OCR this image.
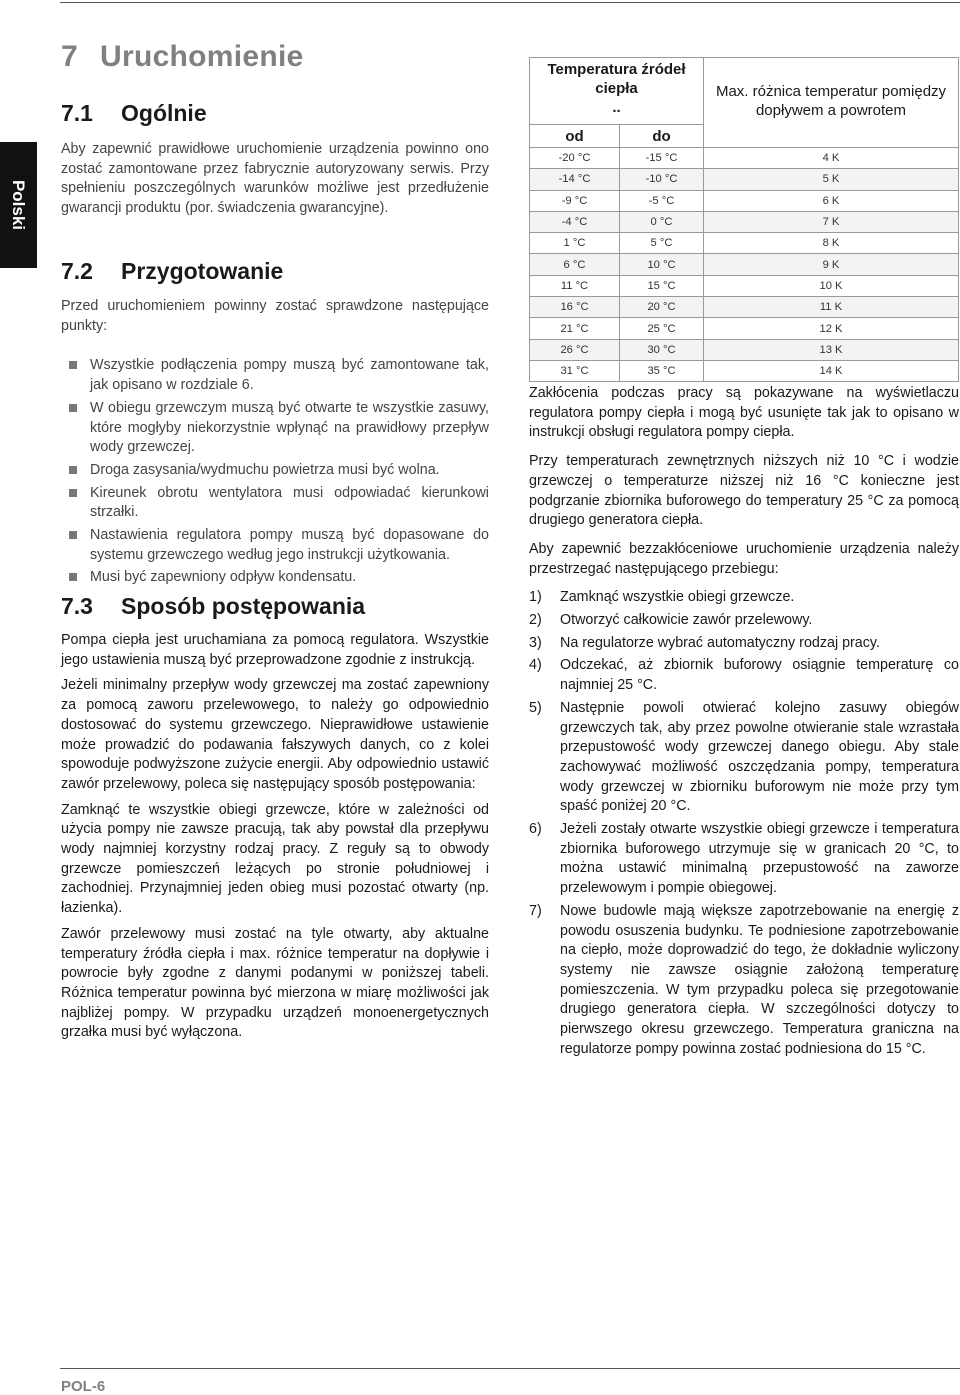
Polski
7 Uruchomienie
7.1 Ogólnie

Aby zapewnić prawidłowe uruchomienie urządzenia powinno ono zostać zamontowane przez fabrycznie autoryzowany serwis. Przy spełnieniu poszczególnych warunków możliwe jest przedłużenie gwarancji produktu (por. świadczenia gwarancyjne).

7.2 Przygotowanie

Przed uruchomieniem powinny zostać sprawdzone następujące punkty:

Wszystkie podłączenia pompy muszą być zamontowane tak, jak opisano w rozdziale 6.
W obiegu grzewczym muszą być otwarte te wszystkie zasuwy, które mogłyby niekorzystnie wpłynąć na prawidłowy przepływ wody grzewczej.
Droga zasysania/wydmuchu powietrza musi być wolna.
Kireunek obrotu wentylatora musi odpowiadać kierunkowi strzałki.
Nastawienia regulatora pompy muszą być dopasowane do systemu grzewczego według jego instrukcji użytkowania.
Musi być zapewniony odpływ kondensatu.
7.3 Sposób postępowania

Pompa ciepła jest uruchamiana za pomocą regulatora. Wszystkie jego ustawienia muszą być przeprowadzone zgodnie z instrukcją.

Jeżeli minimalny przepływ wody grzewczej ma zostać zapewniony za pomocą zaworu przelewowego, to należy go odpowiednio dostosować do systemu grzewczego. Nieprawidłowe ustawienie może prowadzić do podawania fałszywych danych, co z kolei spowoduje podwyższone zużycie energii. Aby odpowiednio ustawić zawór przelewowy, poleca się następujący sposób postępowania:

Zamknąć te wszystkie obiegi grzewcze, które w zależności od użycia pompy nie zawsze pracują, tak aby powstał dla przepływu wody najmniej korzystny rodzaj pracy. Z reguły są to obwody grzewcze pomieszczeń leżących po stronie południowej i zachodniej. Przynajmniej jeden obieg musi pozostać otwarty (np. łazienka).

Zawór przelewowy musi zostać na tyle otwarty, aby aktualne temperatury źródła ciepła i max. różnice temperatur na dopływie i powrocie były zgodne z danymi podanymi w poniższej tabeli. Różnica temperatur powinna być mierzona w miarę możliwości jak najbliżej pompy. W przypadku urządzeń monoenergetycznych grzałka musi być wyłączona.

Temperatura źródeł ciepła
..		Max. różnica temperatur pomiędzy dopływem a powrotem
od	do	
-20 °C	-15 °C	4 K
-14 °C	-10 °C	5 K
-9 °C	-5 °C	6 K
-4 °C	0 °C	7 K
1 °C	5 °C	8 K
6 °C	10 °C	9 K
11 °C	15 °C	10 K
16 °C	20 °C	11 K
21 °C	25 °C	12 K
26 °C	30 °C	13 K
31 °C	35 °C	14 K

Zakłócenia podczas pracy są pokazywane na wyświetlaczu regulatora pompy ciepła i mogą być usunięte tak jak to opisano w instrukcji obsługi regulatora pompy ciepła.

Przy temperaturach zewnętrznych niższych niż 10 °C i wodzie grzewczej o temperaturze niższej niż 16 °C konieczne jest podgrzanie zbiornika buforowego do temperatury 25 °C za pomocą drugiego generatora ciepła.

Aby zapewnić bezzakłóceniowe uruchomienie urządzenia należy przestrzegać następującego przebiegu:

1) Zamknąć wszystkie obiegi grzewcze.
2) Otworzyć całkowicie zawór przelewowy.
3) Na regulatorze wybrać automatyczny rodzaj pracy.
4) Odczekać, aż zbiornik buforowy osiągnie temperaturę co najmniej 25 °C.
5) Następnie powoli otwierać kolejno zasuwy obiegów grzewczych tak, aby przez powolne otwieranie stale wzrastała przepustowość wody grzewczej danego obiegu. Aby stale zachowywać możliwość oszczędzania pompy, temperatura wody grzewczej w zbiorniku buforowym nie może przy tym spaść poniżej 20 °C.
6) Jeżeli zostały otwarte wszystkie obiegi grzewcze i temperatura zbiornika buforowego utrzymuje się w granicach 20 °C, to można ustawić minimalną przepustowość na zaworze przelewowym i pompie obiegowej.
7) Nowe budowle mają większe zapotrzebowanie na energię z powodu osuszenia budynku. Te podniesione zapotrzebowanie na ciepło, może doprowadzić do tego, że dokładnie wyliczony systemy nie zawsze osiągnie założoną temperaturę pomieszczenia. W tym przypadku poleca się przegotowanie drugiego generatora ciepła. W szczególności dotyczy to pierwszego okresu grzewczego. Temperatura graniczna na regulatorze pompy powinna zostać podniesiona do 15 °C.
POL-6
